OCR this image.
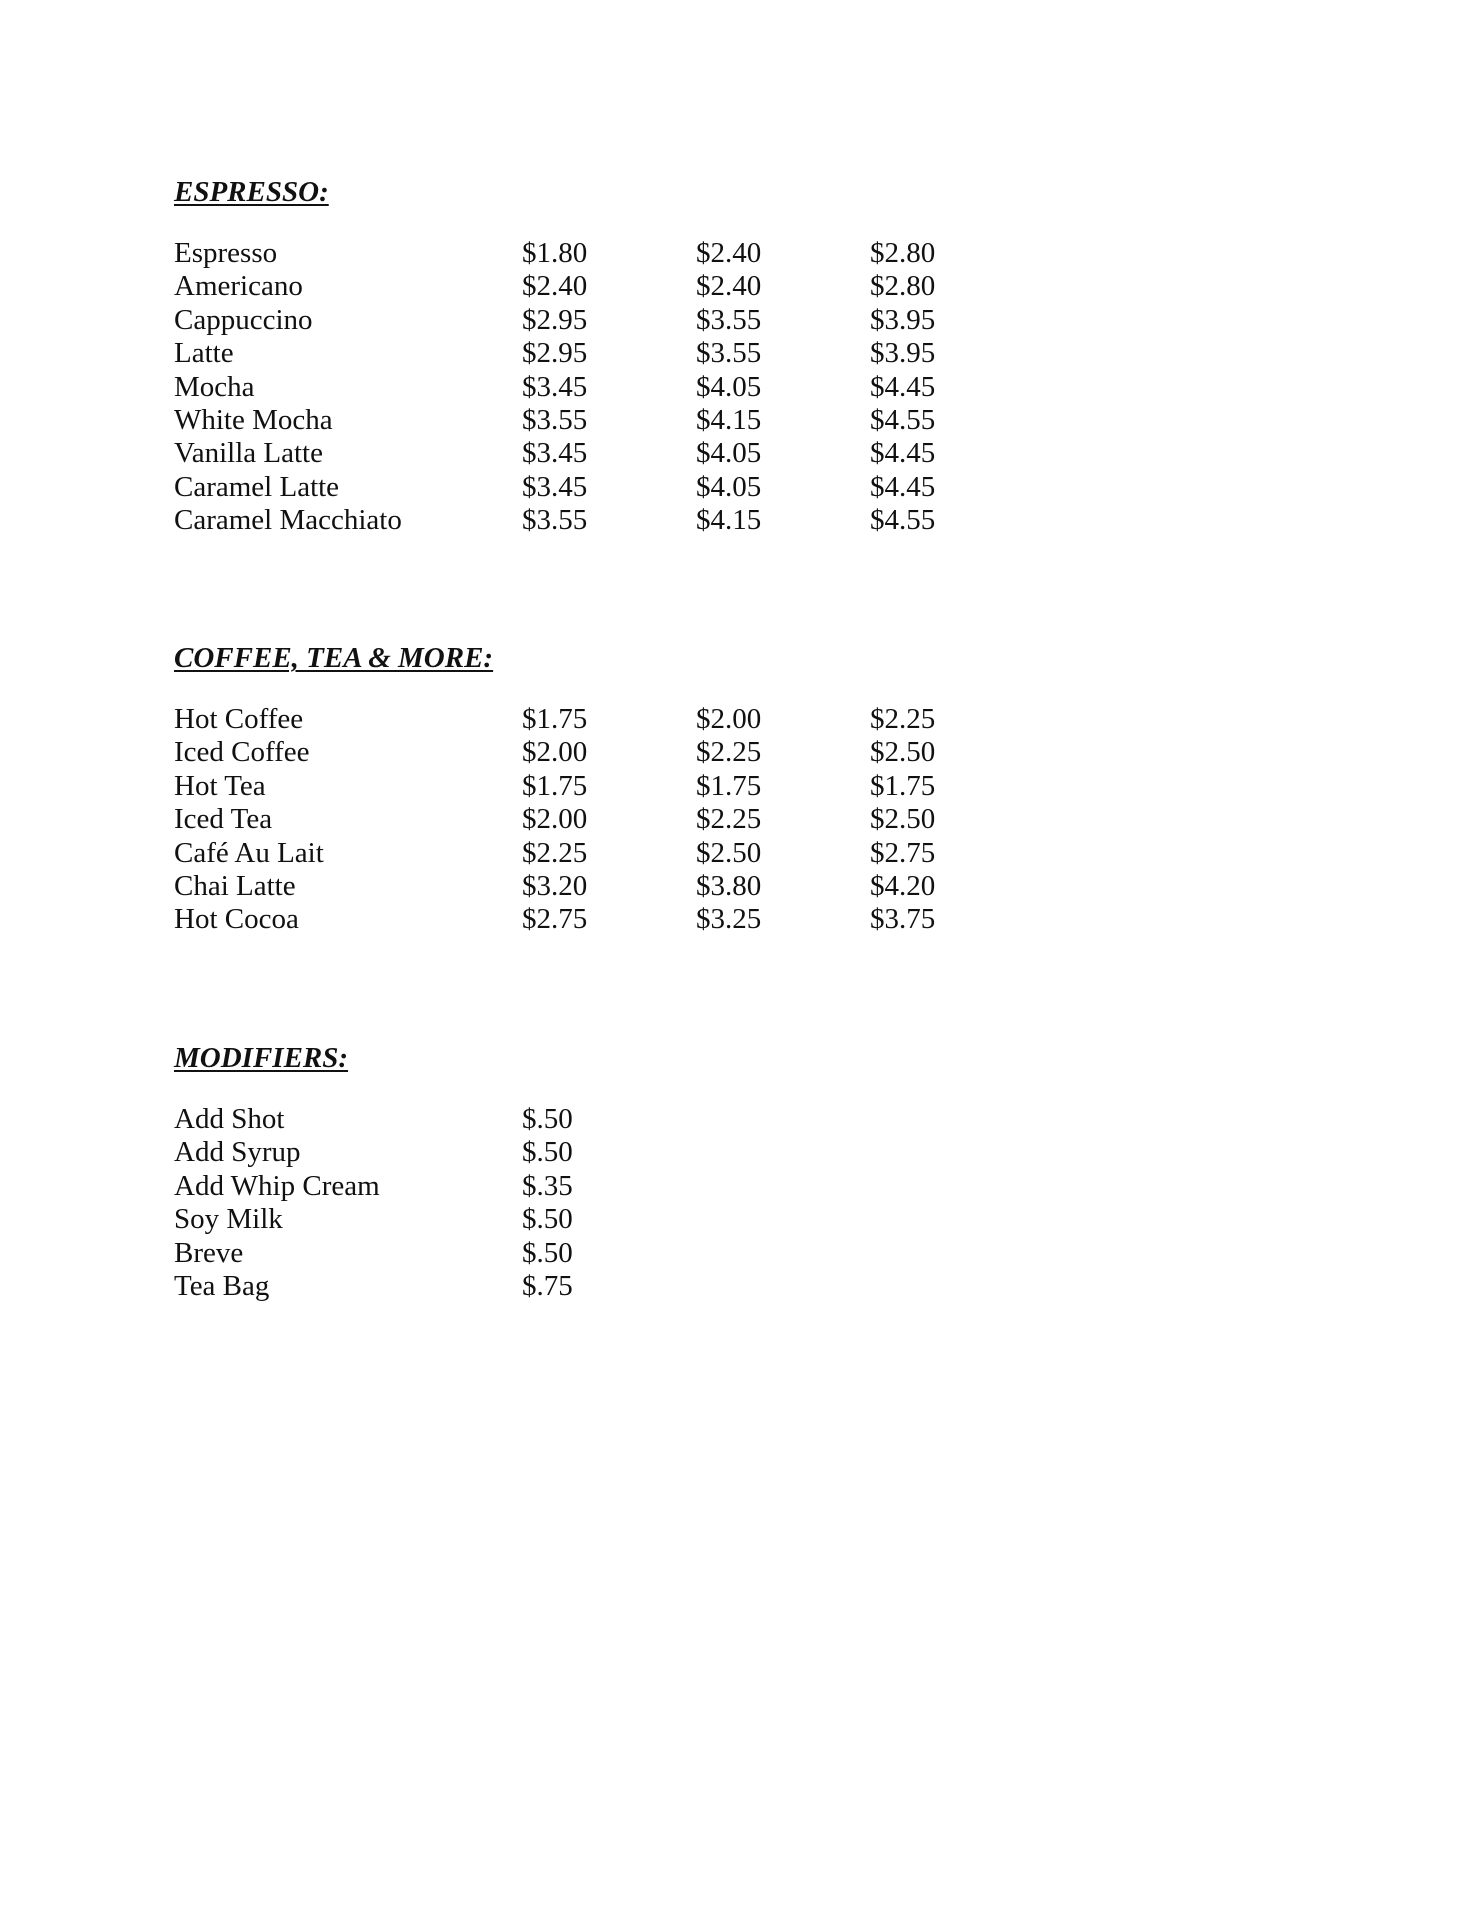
ESPRESSO:
Espresso	$1.80	$2.40	$2.80
Americano	$2.40	$2.40	$2.80
Cappuccino	$2.95	$3.55	$3.95
Latte	$2.95	$3.55	$3.95
Mocha	$3.45	$4.05	$4.45
White Mocha	$3.55	$4.15	$4.55
Vanilla Latte	$3.45	$4.05	$4.45
Caramel Latte	$3.45	$4.05	$4.45
Caramel Macchiato	$3.55	$4.15	$4.55
COFFEE, TEA & MORE:
Hot Coffee	$1.75	$2.00	$2.25
Iced Coffee	$2.00	$2.25	$2.50
Hot Tea	$1.75	$1.75	$1.75
Iced Tea	$2.00	$2.25	$2.50
Café Au Lait	$2.25	$2.50	$2.75
Chai Latte	$3.20	$3.80	$4.20
Hot Cocoa	$2.75	$3.25	$3.75
MODIFIERS:
Add Shot	$.50
Add Syrup	$.50
Add Whip Cream	$.35
Soy Milk	$.50
Breve	$.50
Tea Bag	$.75
